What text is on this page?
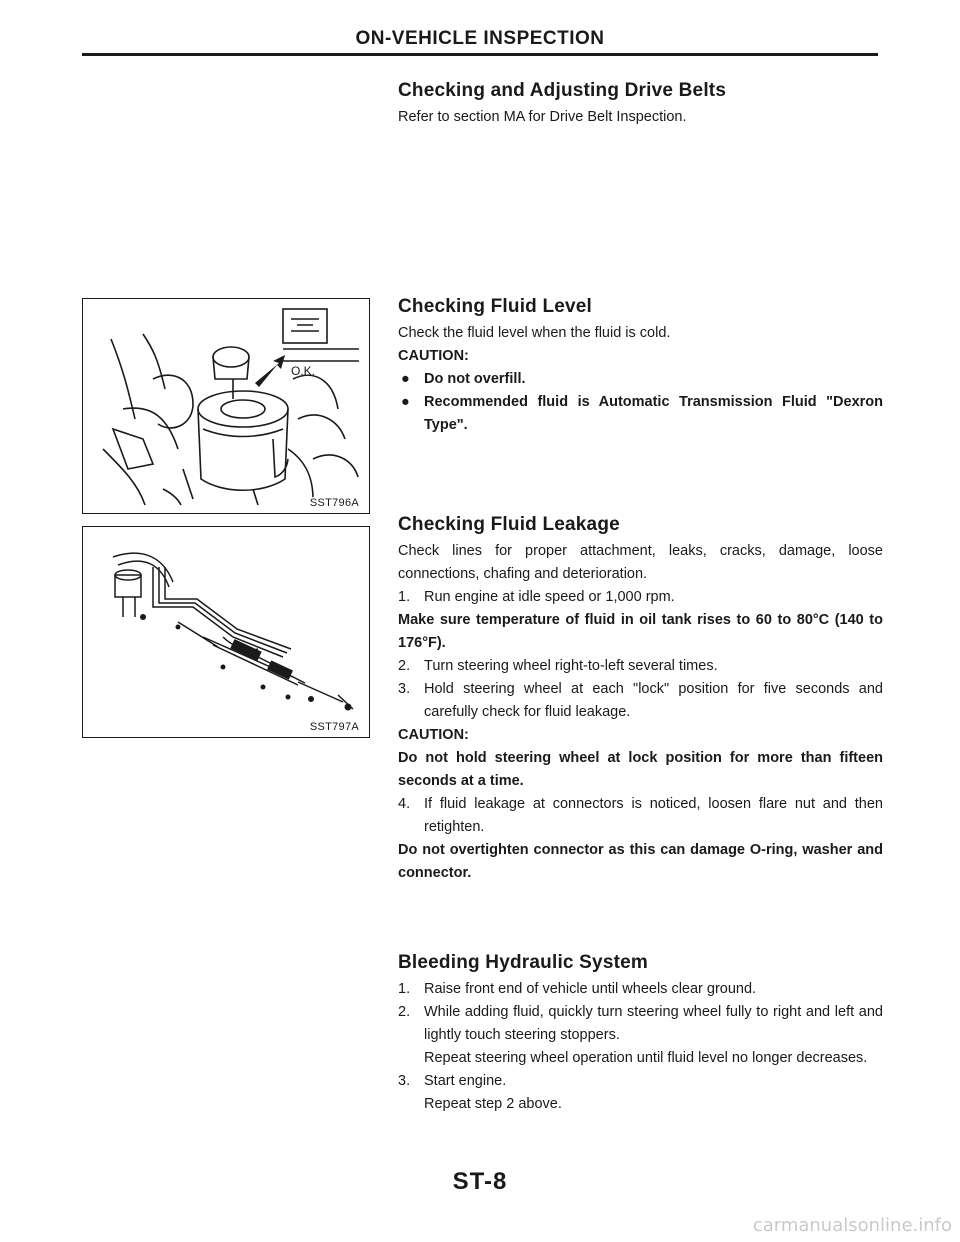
ON-VEHICLE INSPECTION
Checking and Adjusting Drive Belts

Refer to section MA for Drive Belt Inspection.

Checking Fluid Level

Check the fluid level when the fluid is cold.

CAUTION:

● Do not overfill.
● Recommended fluid is Automatic Transmission Fluid "Dexron Type".
Checking Fluid Leakage

Check lines for proper attachment, leaks, cracks, damage, loose connections, chafing and deterioration.

1. Run engine at idle speed or 1,000 rpm.

Make sure temperature of fluid in oil tank rises to 60 to 80°C (140 to 176°F).

2. Turn steering wheel right-to-left several times.
3. Hold steering wheel at each "lock" position for five seconds and carefully check for fluid leakage.

CAUTION:

Do not hold steering wheel at lock position for more than fifteen seconds at a time.

4. If fluid leakage at connectors is noticed, loosen flare nut and then retighten.

Do not overtighten connector as this can damage O-ring, washer and connector.

Bleeding Hydraulic System
1. Raise front end of vehicle until wheels clear ground.
2. While adding fluid, quickly turn steering wheel fully to right and left and lightly touch steering stoppers.
Repeat steering wheel operation until fluid level no longer decreases.
3. Start engine.
Repeat step 2 above.
O.K.
SST796A
SST797A
ST-8
carmanualsonline.info
